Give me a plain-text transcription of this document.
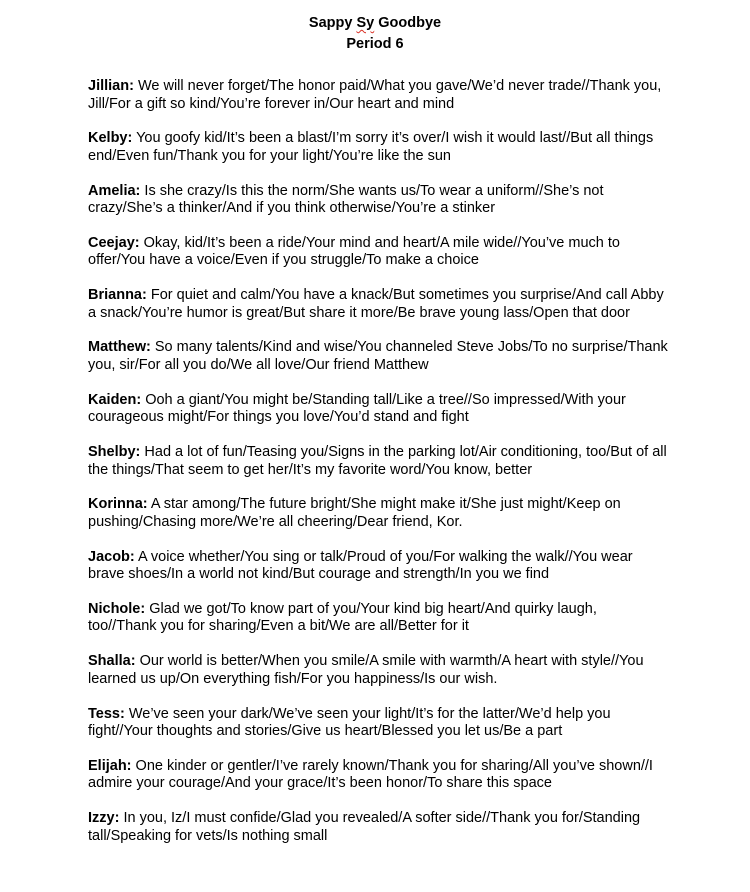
Sappy Sy Goodbye
Period 6

Jillian: We will never forget/The honor paid/What you gave/We’d never trade//Thank you, Jill/For a gift so kind/You’re forever in/Our heart and mind

Kelby: You goofy kid/It’s been a blast/I’m sorry it’s over/I wish it would last//But all things end/Even fun/Thank you for your light/You’re like the sun

Amelia: Is she crazy/Is this the norm/She wants us/To wear a uniform//She’s not crazy/She’s a thinker/And if you think otherwise/You’re a stinker

Ceejay: Okay, kid/It’s been a ride/Your mind and heart/A mile wide//You’ve much to offer/You have a voice/Even if you struggle/To make a choice

Brianna: For quiet and calm/You have a knack/But sometimes you surprise/And call Abby a snack/You’re humor is great/But share it more/Be brave young lass/Open that door

Matthew: So many talents/Kind and wise/You channeled Steve Jobs/To no surprise/Thank you, sir/For all you do/We all love/Our friend Matthew

Kaiden: Ooh a giant/You might be/Standing tall/Like a tree//So impressed/With your courageous might/For things you love/You’d stand and fight

Shelby: Had a lot of fun/Teasing you/Signs in the parking lot/Air conditioning, too/But of all the things/That seem to get her/It’s my favorite word/You know, better

Korinna: A star among/The future bright/She might make it/She just might/Keep on pushing/Chasing more/We’re all cheering/Dear friend, Kor.

Jacob: A voice whether/You sing or talk/Proud of you/For walking the walk//You wear brave shoes/In a world not kind/But courage and strength/In you we find

Nichole: Glad we got/To know part of you/Your kind big heart/And quirky laugh, too//Thank you for sharing/Even a bit/We are all/Better for it

Shalla: Our world is better/When you smile/A smile with warmth/A heart with style//You learned us up/On everything fish/For you happiness/Is our wish.

Tess: We’ve seen your dark/We’ve seen your light/It’s for the latter/We’d help you fight//Your thoughts and stories/Give us heart/Blessed you let us/Be a part

Elijah: One kinder or gentler/I’ve rarely known/Thank you for sharing/All you’ve shown//I admire your courage/And your grace/It’s been honor/To share this space

Izzy: In you, Iz/I must confide/Glad you revealed/A softer side//Thank you for/Standing tall/Speaking for vets/Is nothing small
